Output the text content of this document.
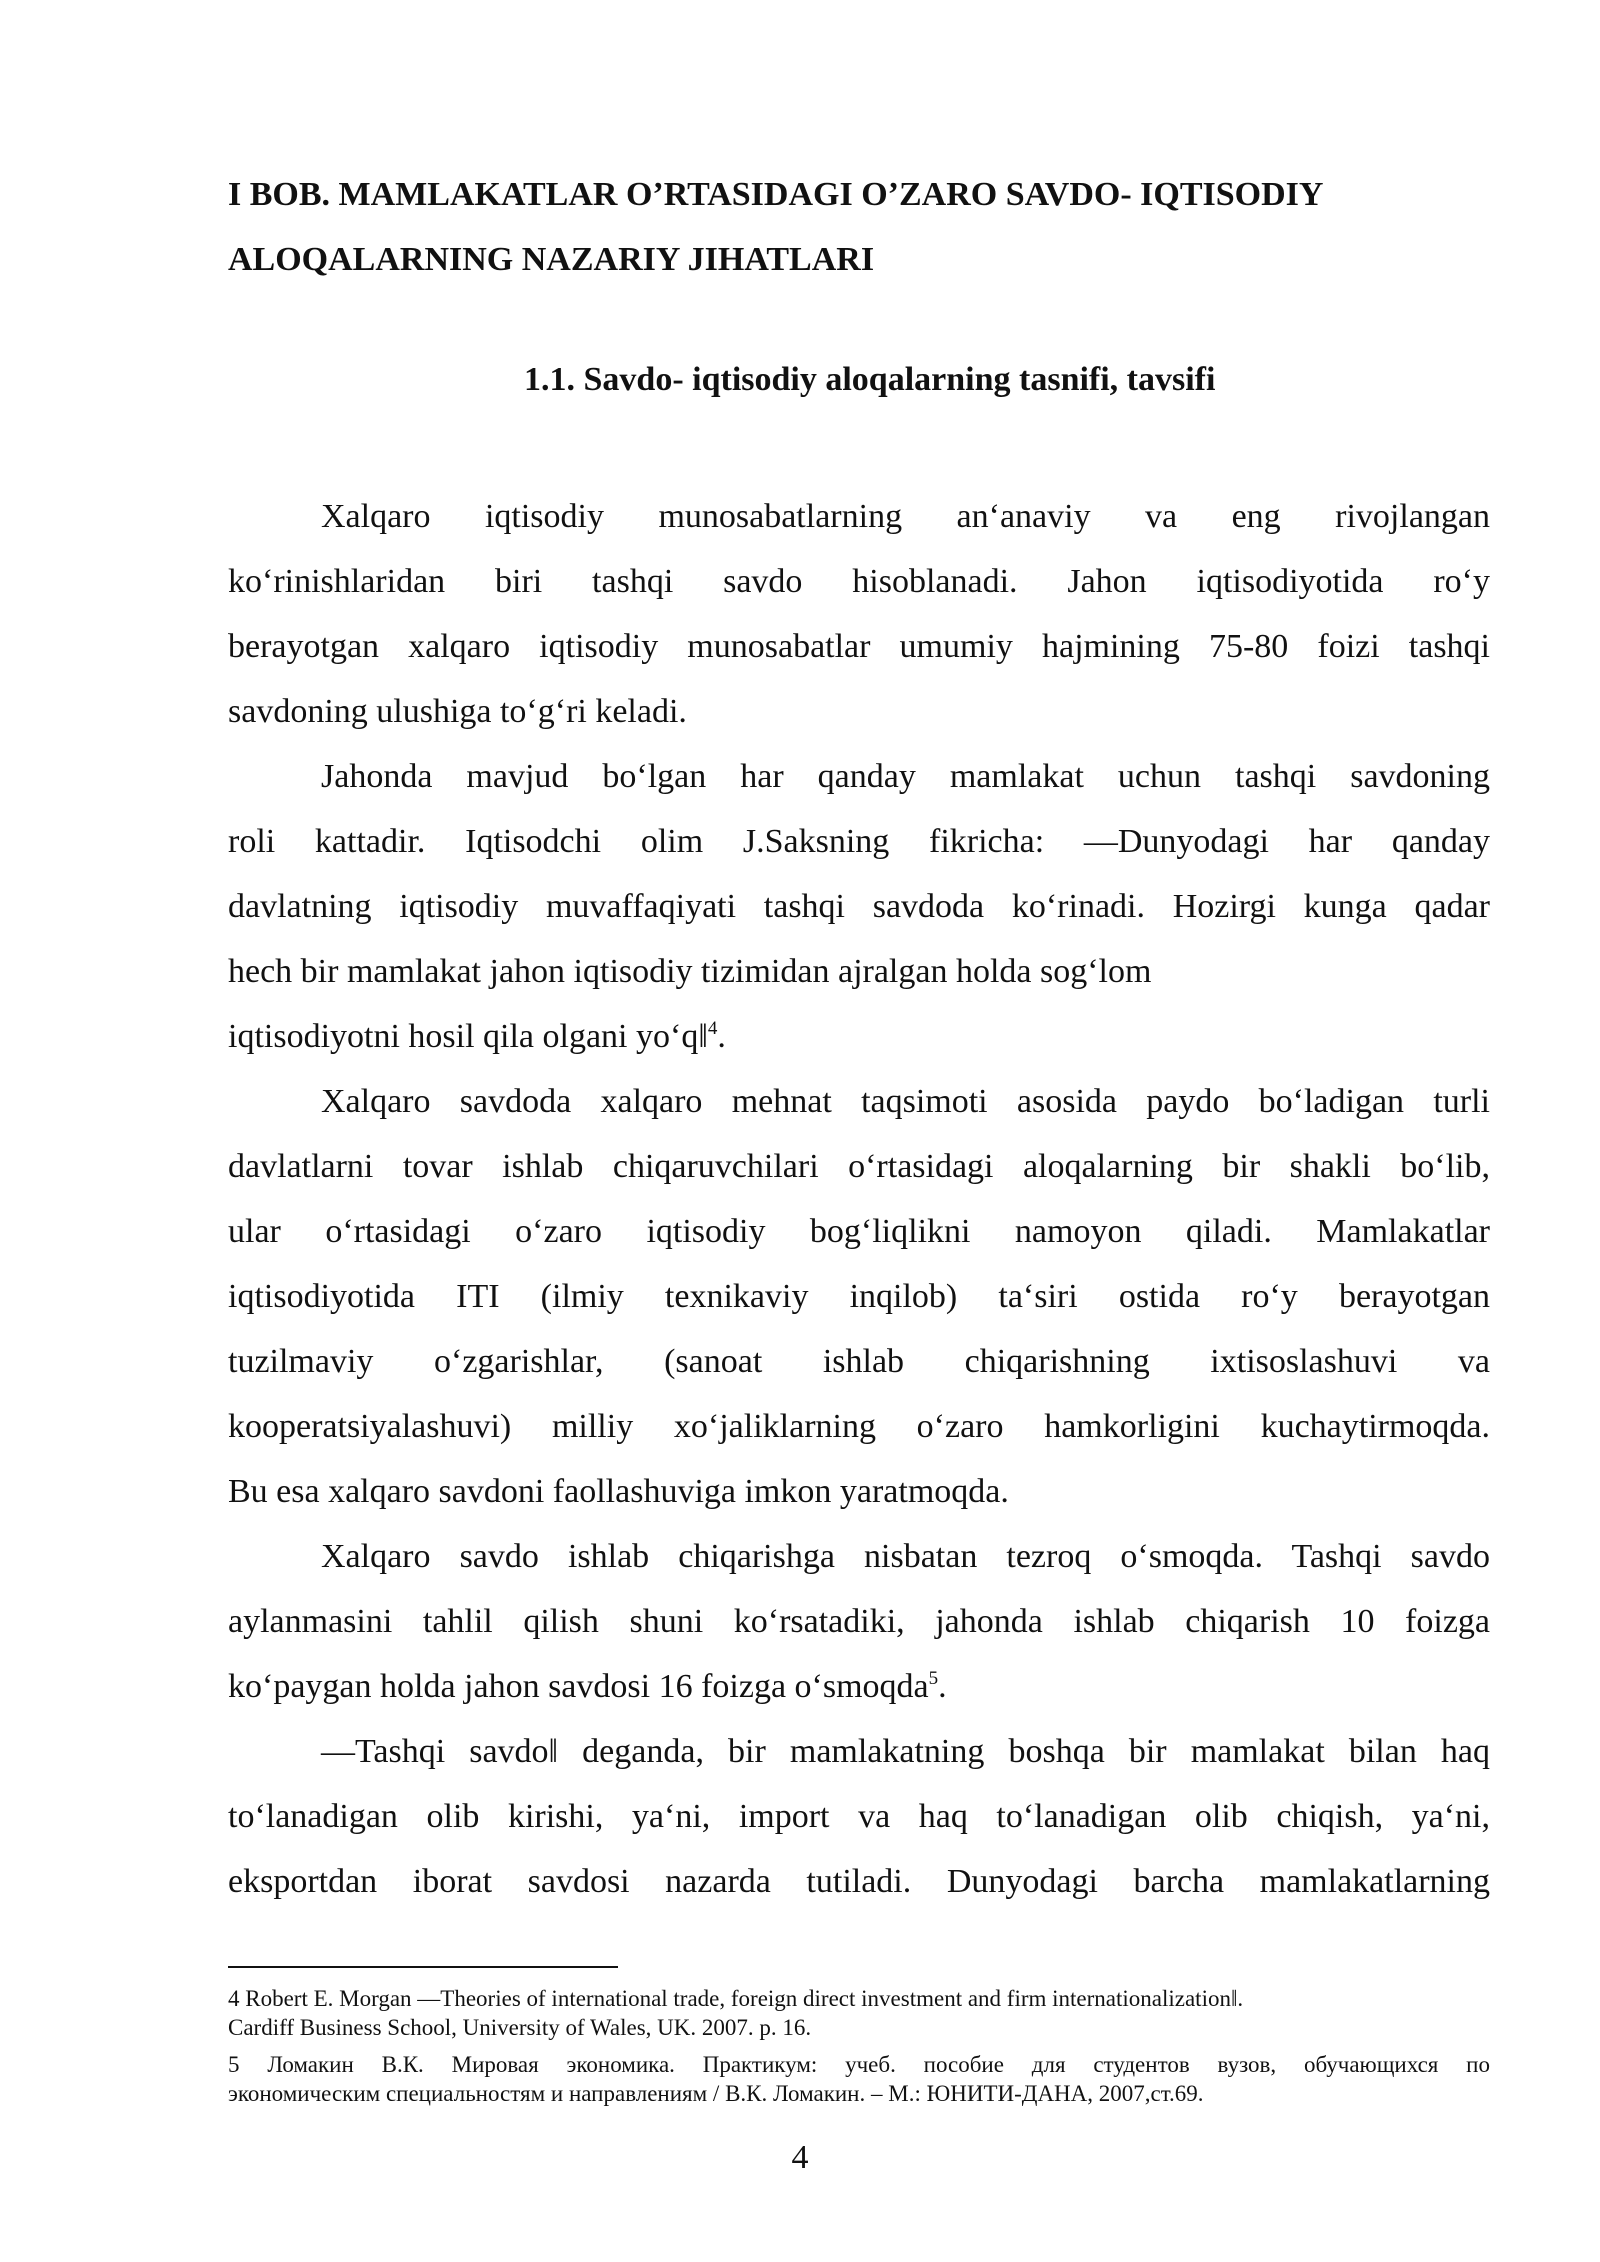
I BOB. MAMLAKATLAR O’RTASIDAGI O’ZARO SAVDO- IQTISODIY
ALOQALARNING NAZARIY JIHATLARI
1.1. Savdo- iqtisodiy aloqalarning tasnifi, tavsifi
Xalqaro iqtisodiy munosabatlarning an‘anaviy va eng rivojlangan
ko‘rinishlaridan biri tashqi savdo hisoblanadi. Jahon iqtisodiyotida ro‘y
berayotgan xalqaro iqtisodiy munosabatlar umumiy hajmining 75-80 foizi tashqi
savdoning ulushiga to‘g‘ri keladi.
Jahonda mavjud bo‘lgan har qanday mamlakat uchun tashqi savdoning
roli kattadir. Iqtisodchi olim J.Saksning fikricha: ―Dunyodagi har qanday
davlatning iqtisodiy muvaffaqiyati tashqi savdoda ko‘rinadi. Hozirgi kunga qadar
hech bir mamlakat jahon iqtisodiy tizimidan ajralgan holda sog‘lom
iqtisodiyotni hosil qila olgani yo‘q‖$^4$.
Xalqaro savdoda xalqaro mehnat taqsimoti asosida paydo bo‘ladigan turli
davlatlarni tovar ishlab chiqaruvchilari o‘rtasidagi aloqalarning bir shakli bo‘lib,
ular o‘rtasidagi o‘zaro iqtisodiy bog‘liqlikni namoyon qiladi. Mamlakatlar
iqtisodiyotida ITI (ilmiy texnikaviy inqilob) ta‘siri ostida ro‘y berayotgan
tuzilmaviy o‘zgarishlar, (sanoat ishlab chiqarishning ixtisoslashuvi va
kooperatsiyalashuvi) milliy xo‘jaliklarning o‘zaro hamkorligini kuchaytirmoqda.
Bu esa xalqaro savdoni faollashuviga imkon yaratmoqda.
Xalqaro savdo ishlab chiqarishga nisbatan tezroq o‘smoqda. Tashqi savdo
aylanmasini tahlil qilish shuni ko‘rsatadiki, jahonda ishlab chiqarish 10 foizga
ko‘paygan holda jahon savdosi 16 foizga o‘smoqda$^5$.
―Tashqi savdo‖ deganda, bir mamlakatning boshqa bir mamlakat bilan haq
to‘lanadigan olib kirishi, ya‘ni, import va haq to‘lanadigan olib chiqish, ya‘ni,
eksportdan iborat savdosi nazarda tutiladi. Dunyodagi barcha mamlakatlarning
4 Robert E. Morgan ―Theories of international trade, foreign direct investment and firm internationalization‖.
Cardiff Business School, University of Wales, UK. 2007. p. 16.
5 Ломакин В.К. Мировая экономика. Практикум: учеб. пособие для студентов вузов, обучающихся по
экономическим специальностям и направлениям / В.К. Ломакин. – М.: ЮНИТИ-ДАНА, 2007,ст.69.
4
